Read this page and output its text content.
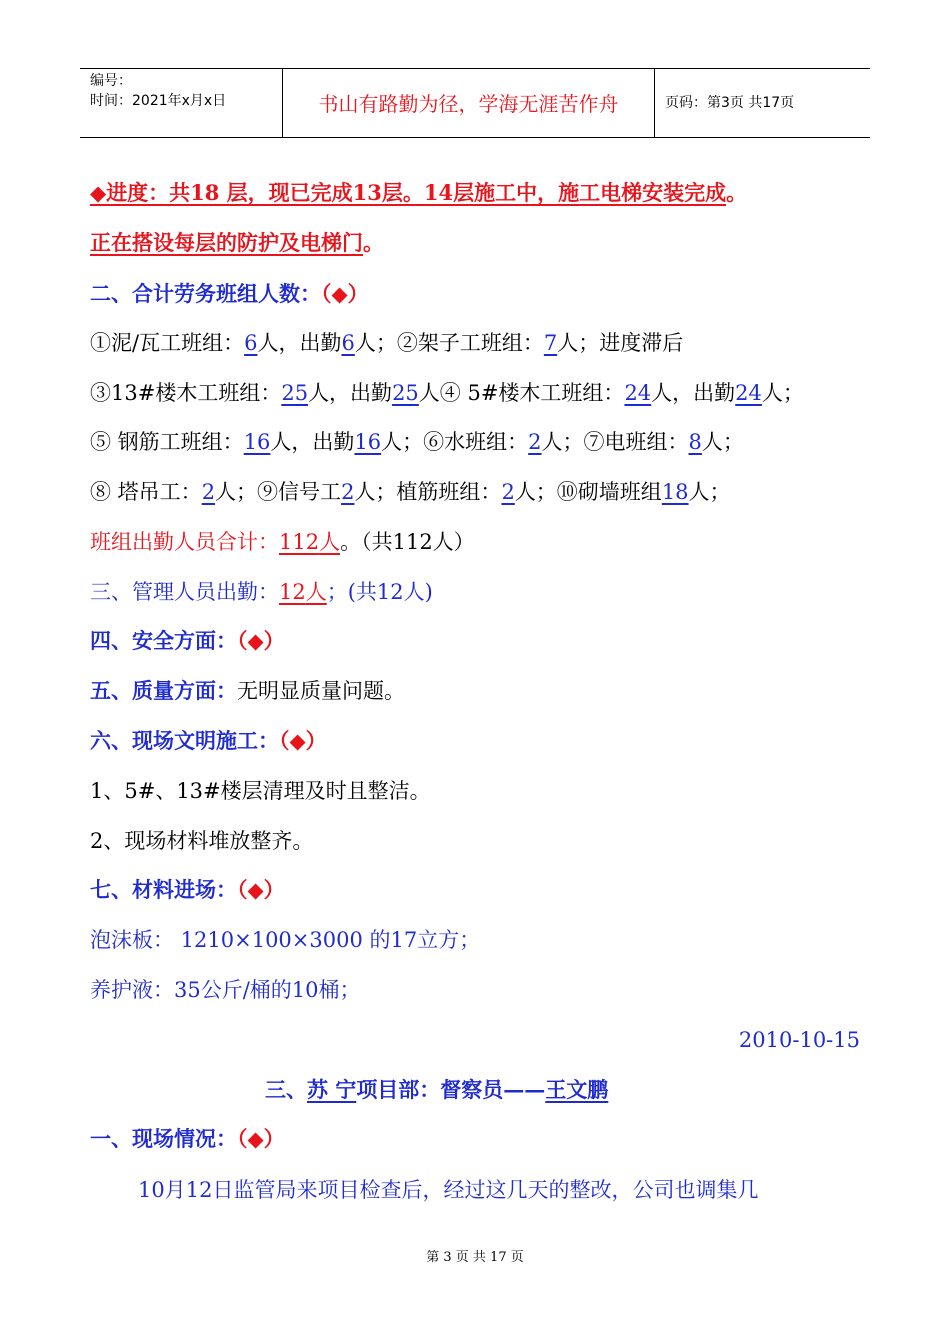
编号：
时间：2021年x月x日	书山有路勤为径，学海无涯苦作舟	页码：第3页 共17页
◆进度：共18 层，现已完成13层。14层施工中，施工电梯安装完成。
正在搭设每层的防护及电梯门。
二、合计劳务班组人数：（◆）
①泥/瓦工班组：6人，出勤6人；②架子工班组：7人；进度滞后
③13#楼木工班组：25人，出勤25人④ 5#楼木工班组：24人，出勤24人；
⑤ 钢筋工班组：16人，出勤16人；⑥水班组：2人；⑦电班组：8人；
⑧ 塔吊工：2人；⑨信号工2人；植筋班组：2人；⑩砌墙班组18人；
班组出勤人员合计：112人。（共112人）
三、管理人员出勤：12人；(共12人)
四、安全方面：（◆）
五、质量方面：无明显质量问题。
六、现场文明施工：（◆）
1、5#、13#楼层清理及时且整洁。
2、现场材料堆放整齐。
七、材料进场：（◆）
泡沫板： 1210×100×3000 的17立方；
养护液：35公斤/桶的10桶；
2010-10-15
三、苏 宁项目部：督察员——王文鹏
一、现场情况：（◆）
10月12日监管局来项目检查后，经过这几天的整改，公司也调集几
第 3 页 共 17 页
